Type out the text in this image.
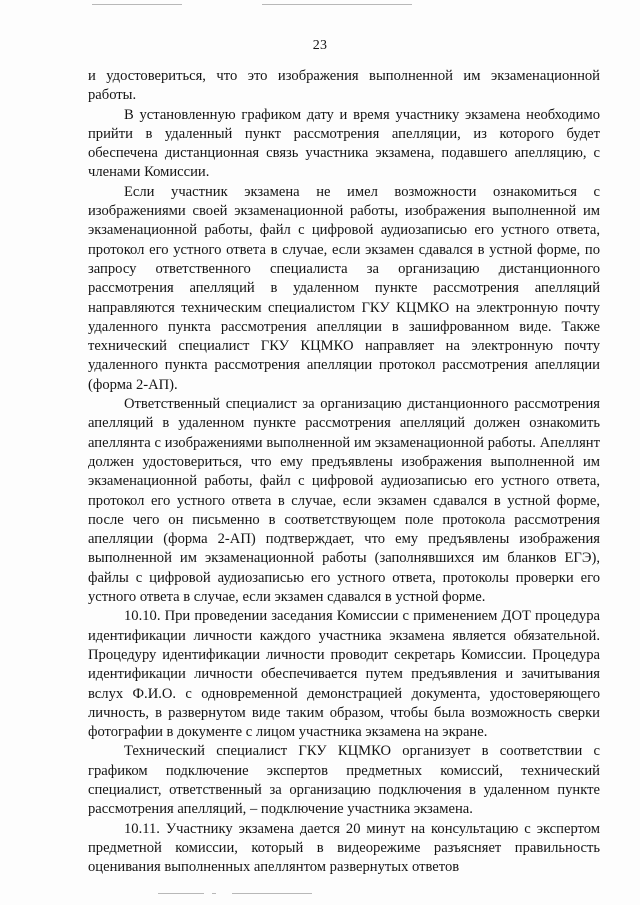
23

и удостовериться, что это изображения выполненной им экзаменационной работы.

В установленную графиком дату и время участнику экзамена необходимо прийти в удаленный пункт рассмотрения апелляции, из которого будет обеспечена дистанционная связь участника экзамена, подавшего апелляцию, с членами Комиссии.

Если участник экзамена не имел возможности ознакомиться с изображениями своей экзаменационной работы, изображения выполненной им экзаменационной работы, файл с цифровой аудиозаписью его устного ответа, протокол его устного ответа в случае, если экзамен сдавался в устной форме, по запросу ответственного специалиста за организацию дистанционного рассмотрения апелляций в удаленном пункте рассмотрения апелляций направляются техническим специалистом ГКУ КЦМКО на электронную почту удаленного пункта рассмотрения апелляции в зашифрованном виде. Также технический специалист ГКУ КЦМКО направляет на электронную почту удаленного пункта рассмотрения апелляции протокол рассмотрения апелляции (форма 2-АП).

Ответственный специалист за организацию дистанционного рассмотрения апелляций в удаленном пункте рассмотрения апелляций должен ознакомить апеллянта с изображениями выполненной им экзаменационной работы. Апеллянт должен удостовериться, что ему предъявлены изображения выполненной им экзаменационной работы, файл с цифровой аудиозаписью его устного ответа, протокол его устного ответа в случае, если экзамен сдавался в устной форме, после чего он письменно в соответствующем поле протокола рассмотрения апелляции (форма 2-АП) подтверждает, что ему предъявлены изображения выполненной им экзаменационной работы (заполнявшихся им бланков ЕГЭ), файлы с цифровой аудиозаписью его устного ответа, протоколы проверки его устного ответа в случае, если экзамен сдавался в устной форме.

10.10. При проведении заседания Комиссии с применением ДОТ процедура идентификации личности каждого участника экзамена является обязательной. Процедуру идентификации личности проводит секретарь Комиссии. Процедура идентификации личности обеспечивается путем предъявления и зачитывания вслух Ф.И.О. с одновременной демонстрацией документа, удостоверяющего личность, в развернутом виде таким образом, чтобы была возможность сверки фотографии в документе с лицом участника экзамена на экране.

Технический специалист ГКУ КЦМКО организует в соответствии с графиком подключение экспертов предметных комиссий, технический специалист, ответственный за организацию подключения в удаленном пункте рассмотрения апелляций, – подключение участника экзамена.

10.11. Участнику экзамена дается 20 минут на консультацию с экспертом предметной комиссии, который в видеорежиме разъясняет правильность оценивания выполненных апеллянтом развернутых ответов
